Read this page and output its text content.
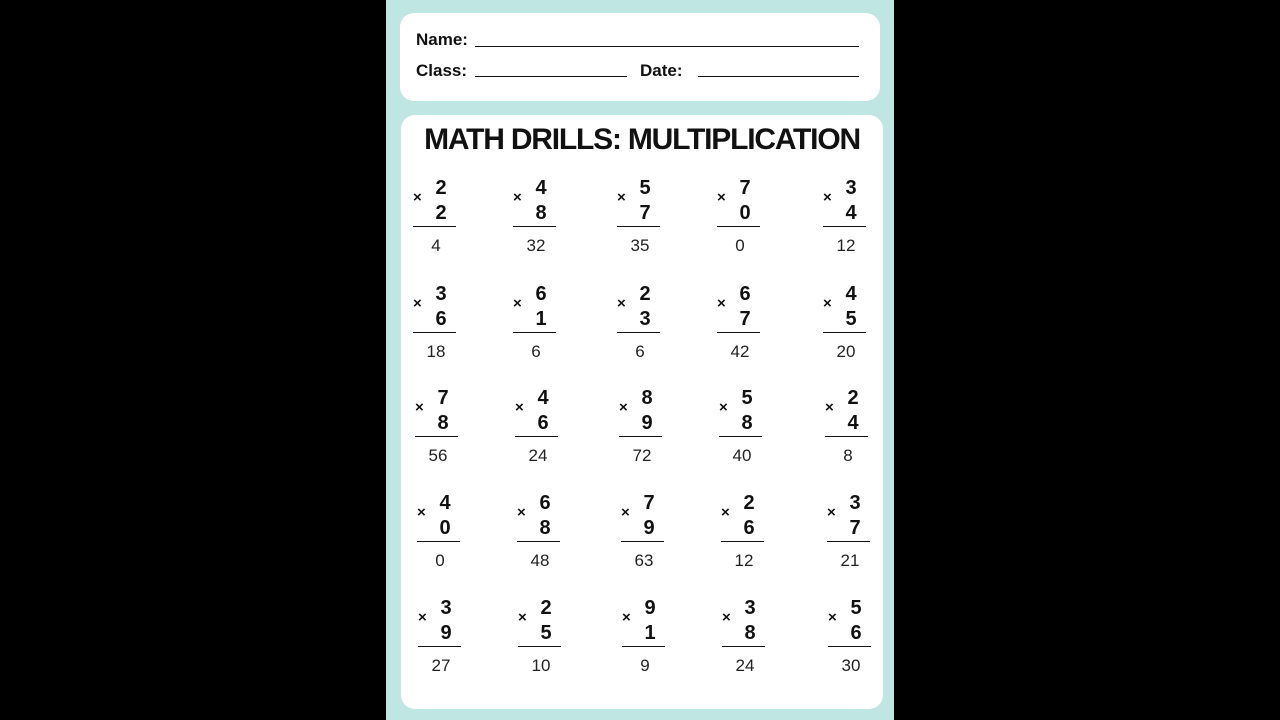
Name:
Class:	Date:
MATH DRILLS: MULTIPLICATION
2
×
2
4
4
×
8
32
5
×
7
35
7
×
0
0
3
×
4
12
3
×
6
18
6
×
1
6
2
×
3
6
6
×
7
42
4
×
5
20
7
×
8
56
4
×
6
24
8
×
9
72
5
×
8
40
2
×
4
8
4
×
0
0
6
×
8
48
7
×
9
63
2
×
6
12
3
×
7
21
3
×
9
27
2
×
5
10
9
×
1
9
3
×
8
24
5
×
6
30
